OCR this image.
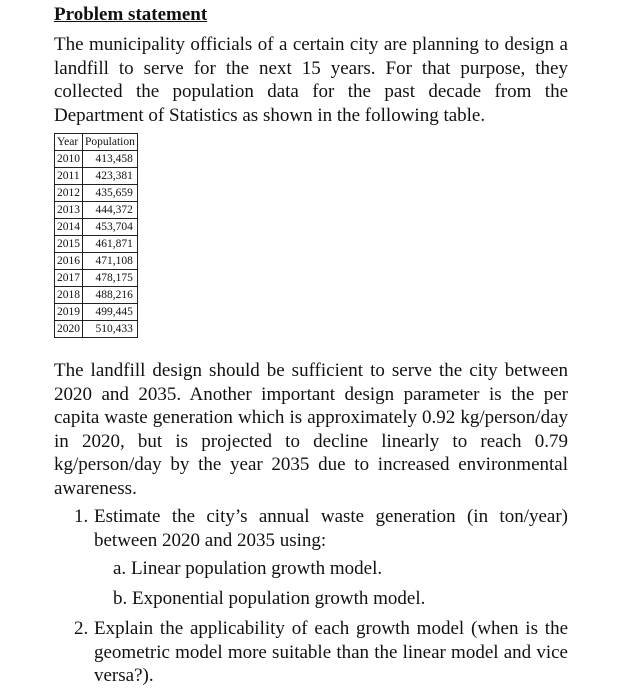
Problem statement

The municipality officials of a certain city are planning to design a landfill to serve for the next 15 years. For that purpose, they collected the population data for the past decade from the Department of Statistics as shown in the following table.

Year	Population
2010	413,458
2011	423,381
2012	435,659
2013	444,372
2014	453,704
2015	461,871
2016	471,108
2017	478,175
2018	488,216
2019	499,445
2020	510,433

The landfill design should be sufficient to serve the city between 2020 and 2035. Another important design parameter is the per capita waste generation which is approximately 0.92 kg/person/day in 2020, but is projected to decline linearly to reach 0.79 kg/person/day by the year 2035 due to increased environmental awareness.

1. Estimate the city’s annual waste generation (in ton/year) between 2020 and 2035 using:
a. Linear population growth model.
b. Exponential population growth model.
2. Explain the applicability of each growth model (when is the geometric model more suitable than the linear model and vice versa?).
